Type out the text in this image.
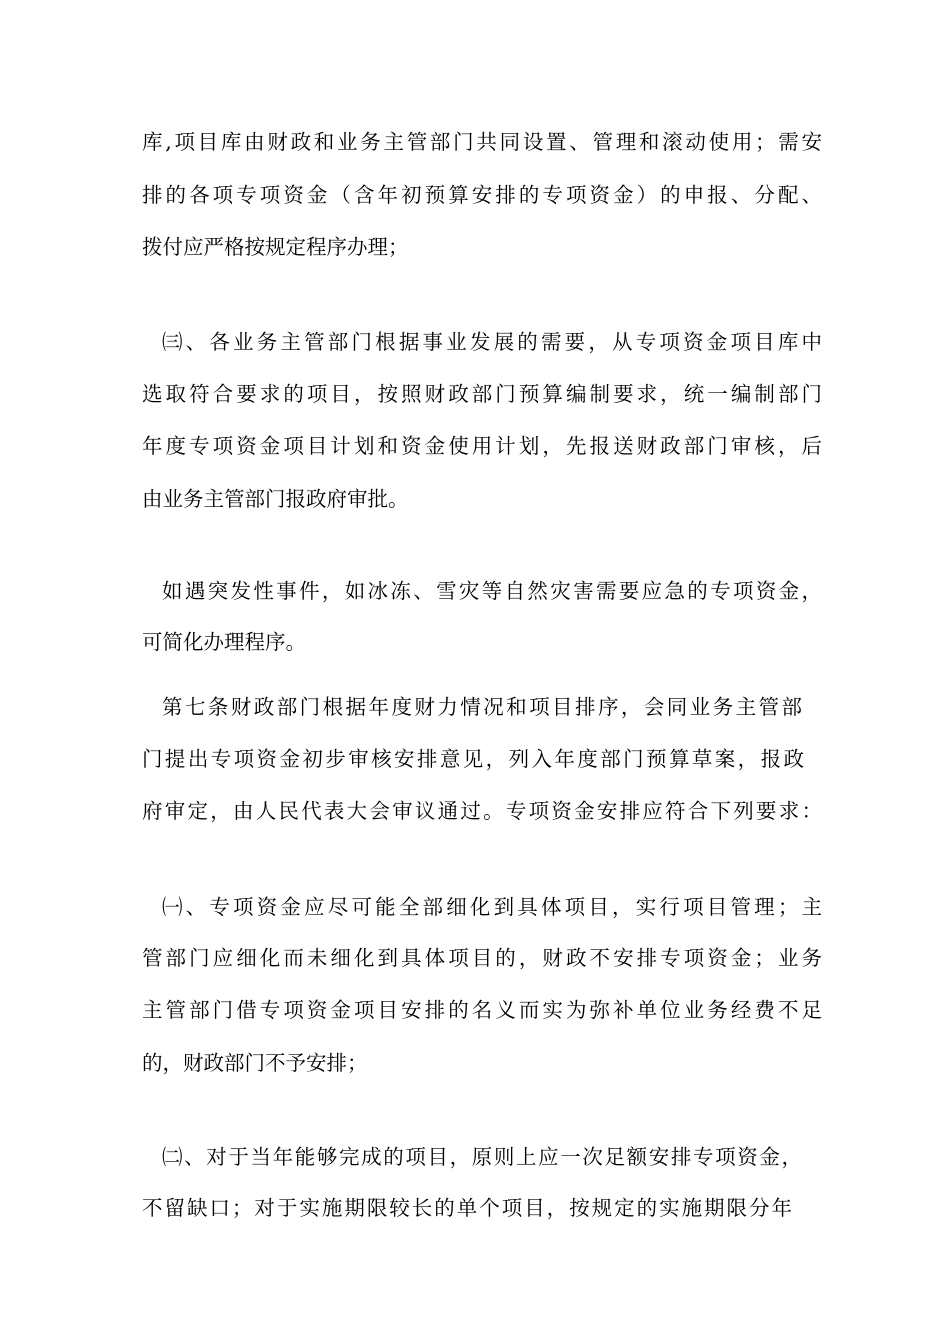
库,项目库由财政和业务主管部门共同设置、管理和滚动使用；需安
排的各项专项资金（含年初预算安排的专项资金）的申报、分配、
拨付应严格按规定程序办理；
㈢、各业务主管部门根据事业发展的需要，从专项资金项目库中
选取符合要求的项目，按照财政部门预算编制要求，统一编制部门
年度专项资金项目计划和资金使用计划，先报送财政部门审核，后
由业务主管部门报政府审批。
如遇突发性事件，如冰冻、雪灾等自然灾害需要应急的专项资金，
可简化办理程序。
第七条财政部门根据年度财力情况和项目排序，会同业务主管部
门提出专项资金初步审核安排意见，列入年度部门预算草案，报政
府审定，由人民代表大会审议通过。专项资金安排应符合下列要求：
㈠、专项资金应尽可能全部细化到具体项目，实行项目管理；主
管部门应细化而未细化到具体项目的，财政不安排专项资金；业务
主管部门借专项资金项目安排的名义而实为弥补单位业务经费不足
的，财政部门不予安排；
㈡、对于当年能够完成的项目，原则上应一次足额安排专项资金，
不留缺口；对于实施期限较长的单个项目，按规定的实施期限分年
